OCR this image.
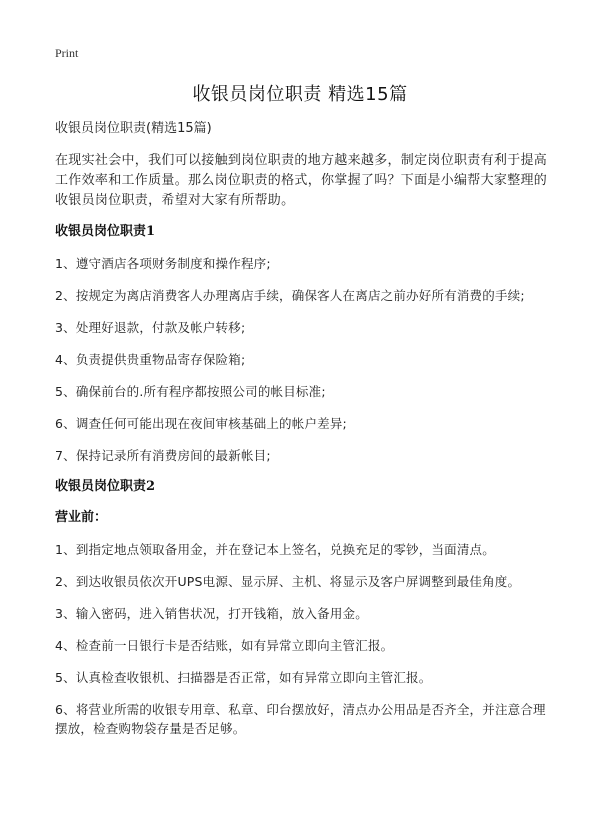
Print
收银员岗位职责 精选15篇

收银员岗位职责(精选15篇)

在现实社会中，我们可以接触到岗位职责的地方越来越多，制定岗位职责有利于提高工作效率和工作质量。那么岗位职责的格式，你掌握了吗？下面是小编帮大家整理的收银员岗位职责，希望对大家有所帮助。

收银员岗位职责1

1、遵守酒店各项财务制度和操作程序;

2、按规定为离店消费客人办理离店手续，确保客人在离店之前办好所有消费的手续;

3、处理好退款，付款及帐户转移;

4、负责提供贵重物品寄存保险箱;

5、确保前台的.所有程序都按照公司的帐目标准;

6、调查任何可能出现在夜间审核基础上的帐户差异;

7、保持记录所有消费房间的最新帐目;

收银员岗位职责2

营业前：

1、到指定地点领取备用金，并在登记本上签名，兑换充足的零钞，当面清点。

2、到达收银员依次开UPS电源、显示屏、主机、将显示及客户屏调整到最佳角度。

3、输入密码，进入销售状况，打开钱箱，放入备用金。

4、检查前一日银行卡是否结账，如有异常立即向主管汇报。

5、认真检查收银机、扫描器是否正常，如有异常立即向主管汇报。

6、将营业所需的收银专用章、私章、印台摆放好，清点办公用品是否齐全，并注意合理摆放，检查购物袋存量是否足够。
